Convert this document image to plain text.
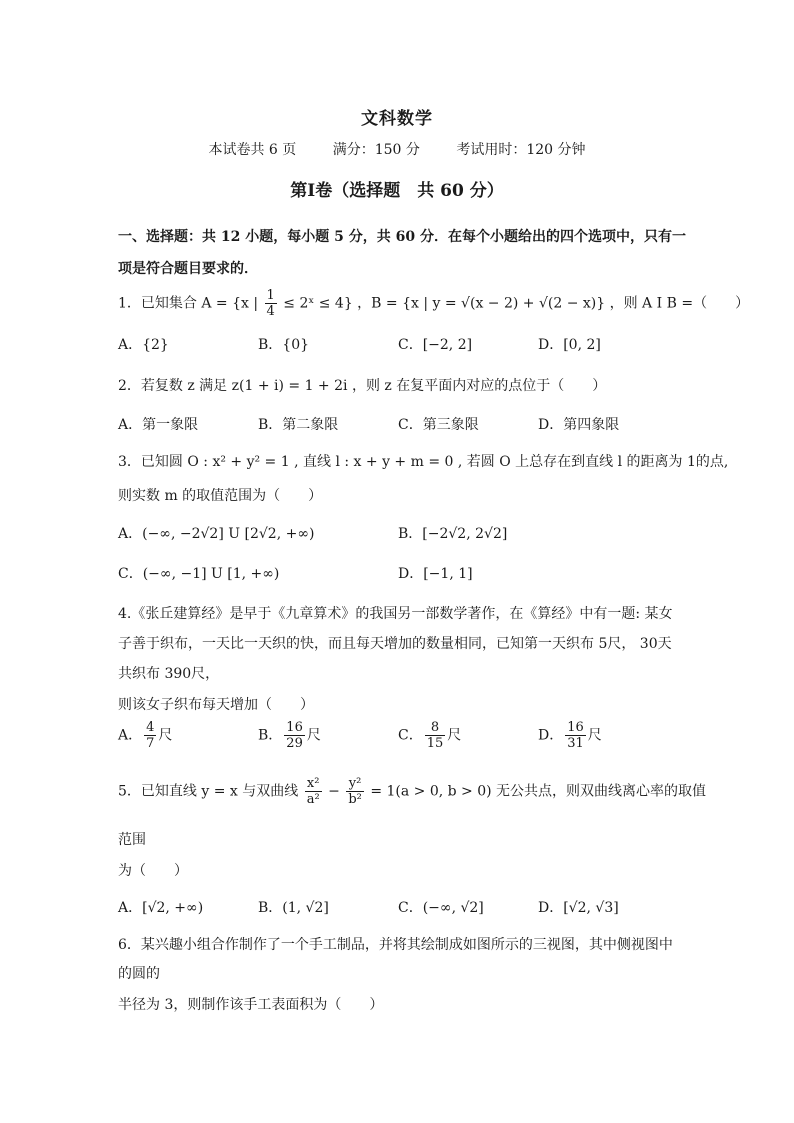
文科数学
本试卷共 6 页	满分：150 分	考试用时：120 分钟
第Ⅰ卷（选择题　共 60 分）
一、选择题：共 12 小题，每小题 5 分，共 60 分．在每个小题给出的四个选项中，只有一
项是符合题目要求的．
1．已知集合 A = {x | $\frac{1}{4}$ ≤ 2ˣ ≤ 4} ，B = {x | y = √(x − 2) + √(2 − x)} ，则 A I B =（　　）
A．{2}	B．{0}	C．[−2, 2]	D．[0, 2]
2．若复数 z 满足 z(1 + i) = 1 + 2i ，则 z 在复平面内对应的点位于（　　）
A．第一象限	B．第二象限	C．第三象限	D．第四象限
3．已知圆 O : x² + y² = 1 , 直线 l : x + y + m = 0 , 若圆 O 上总存在到直线 l 的距离为 1的点,
则实数 m 的取值范围为（　　）
A．(−∞, −2√2] U [2√2, +∞)	B．[−2√2, 2√2]
C．(−∞, −1] U [1, +∞)	D．[−1, 1]
4.《张丘建算经》是早于《九章算术》的我国另一部数学著作，在《算经》中有一题: 某女
子善于织布，一天比一天织的快，而且每天增加的数量相同，已知第一天织布 5尺， 30天
共织布 390尺，
则该女子织布每天增加（　　）
A． $\frac{4}{7}$ 尺	B． $\frac{16}{29}$ 尺	C． $\frac{8}{15}$ 尺	D． $\frac{16}{31}$ 尺
5．已知直线 y = x 与双曲线 $\frac{\text{x²}}{\text{a²}} - \frac{\text{y²}}{\text{b²}} = 1(a > 0$, b > 0) 无公共点，则双曲线离心率的取值
范围
为（　　）
A．[√2, +∞)	B．(1, √2]	C．(−∞, √2]	D．[√2, √3]
6．某兴趣小组合作制作了一个手工制品，并将其绘制成如图所示的三视图，其中侧视图中
的圆的
半径为 3，则制作该手工表面积为（　　）
